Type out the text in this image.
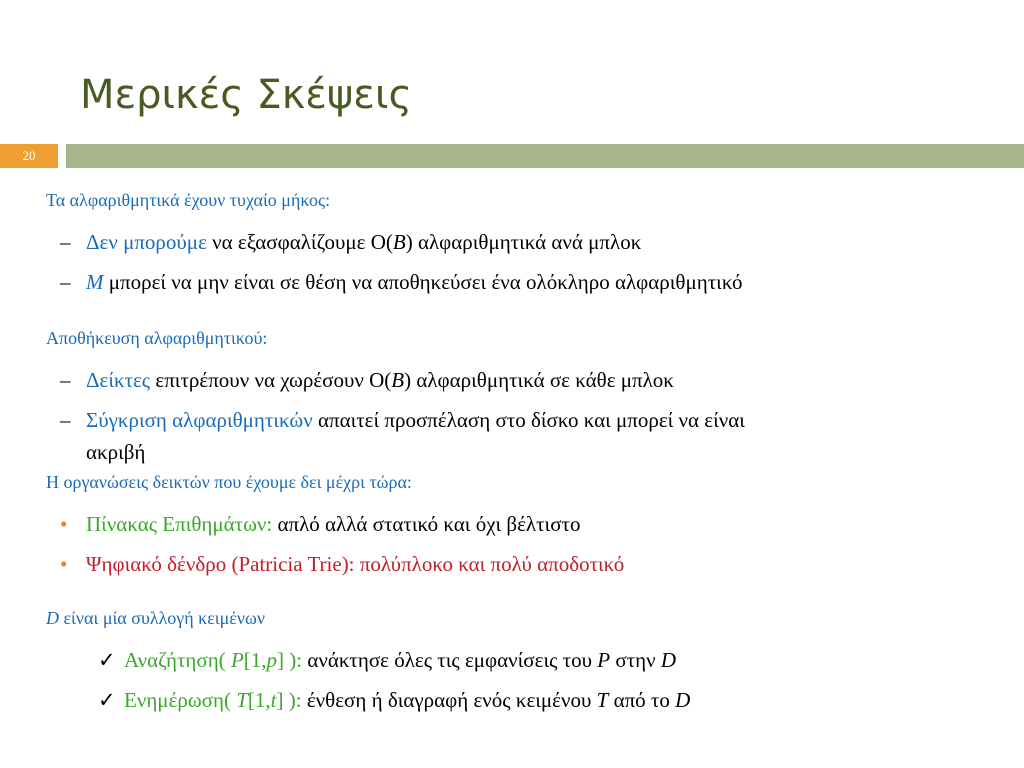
Μερικές Σκέψεις
20
Τα αλφαριθμητικά έχουν τυχαίο μήκος:
– Δεν μπορούμε να εξασφαλίζουμε Ο(B) αλφαριθμητικά ανά μπλοκ
– M μπορεί να μην είναι σε θέση να αποθηκεύσει ένα ολόκληρο αλφαριθμητικό
Αποθήκευση αλφαριθμητικού:
– Δείκτες επιτρέπουν να χωρέσουν Ο(B) αλφαριθμητικά σε κάθε μπλοκ
– Σύγκριση αλφαριθμητικών απαιτεί προσπέλαση στο δίσκο και μπορεί να είναι
ακριβή
Η οργανώσεις δεικτών που έχουμε δει μέχρι τώρα:
• Πίνακας Επιθημάτων: απλό αλλά στατικό και όχι βέλτιστο
• Ψηφιακό δένδρο (Patricia Trie): πολύπλοκο και πολύ αποδοτικό
D είναι μία συλλογή κειμένων
✓ Αναζήτηση( P[1,p] ): ανάκτησε όλες τις εμφανίσεις του P στην D
✓ Ενημέρωση( T[1,t] ): ένθεση ή διαγραφή ενός κειμένου T από το D
